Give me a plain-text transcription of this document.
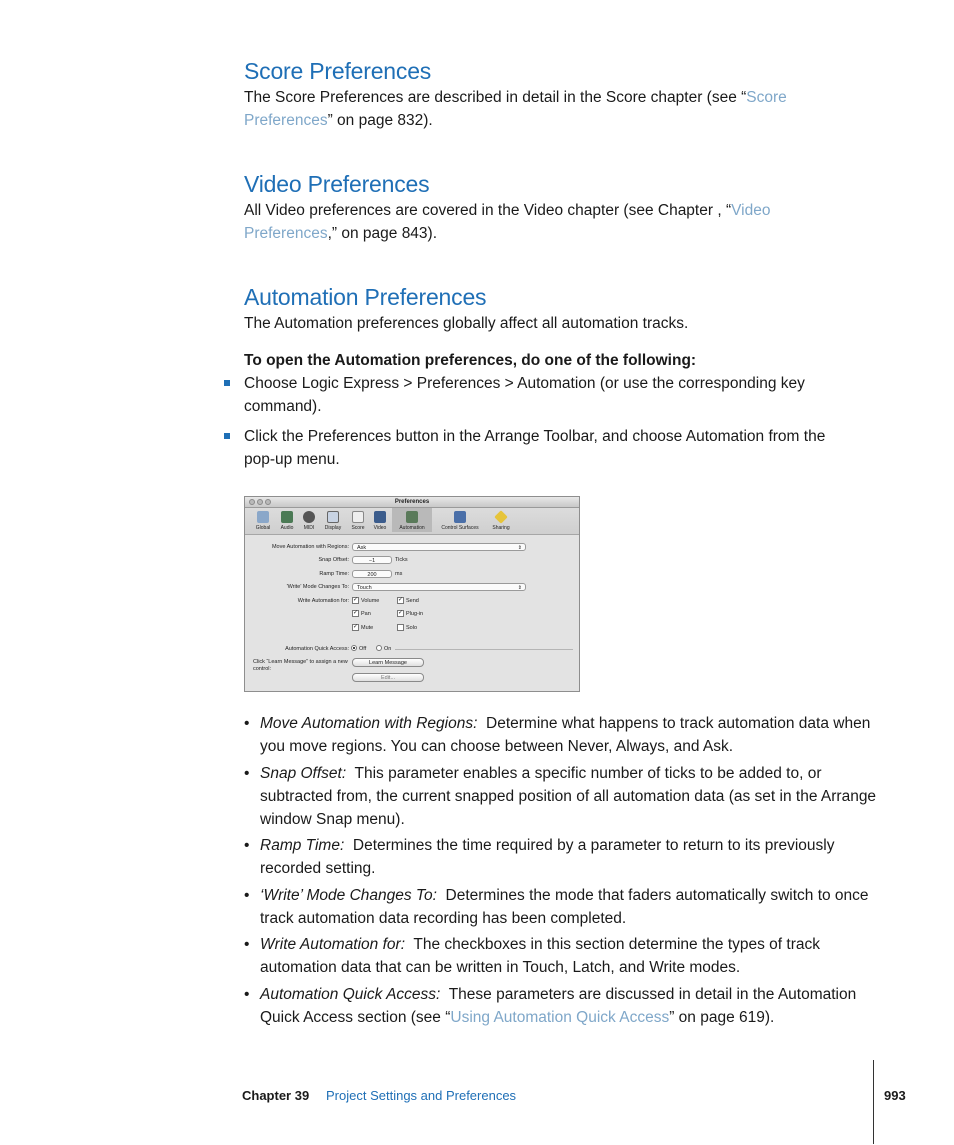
Score Preferences

The Score Preferences are described in detail in the Score chapter (see “Score Preferences” on page 832).

Video Preferences

All Video preferences are covered in the Video chapter (see Chapter , “Video Preferences,” on page 843).

Automation Preferences

The Automation preferences globally affect all automation tracks.

To open the Automation preferences, do one of the following:

Choose Logic Express > Preferences > Automation (or use the corresponding key command).

Click the Preferences button in the Arrange Toolbar, and choose Automation from the pop-up menu.

Preferences
Global	Audio	MIDI	Display	Score	Video	Automation	Control Surfaces	Sharing
Move Automation with Regions:	Ask	⇕
Snap Offset:	−1	Ticks
Ramp Time:	200	ms
'Write' Mode Changes To:	Touch	⇕
Write Automation for: ✓ Volume	✓ Send
✓ Pan	✓ Plug-in
✓ Mute	Solo
Automation Quick Access: Off	On
Click “Learn Message” to assign a new control:
Learn Message
Edit...
• Move Automation with Regions: Determine what happens to track automation data when you move regions. You can choose between Never, Always, and Ask.
• Snap Offset: This parameter enables a specific number of ticks to be added to, or subtracted from, the current snapped position of all automation data (as set in the Arrange window Snap menu).
• Ramp Time: Determines the time required by a parameter to return to its previously recorded setting.
• ‘Write’ Mode Changes To: Determines the mode that faders automatically switch to once track automation data recording has been completed.
• Write Automation for: The checkboxes in this section determine the types of track automation data that can be written in Touch, Latch, and Write modes.
• Automation Quick Access: These parameters are discussed in detail in the Automation Quick Access section (see “Using Automation Quick Access” on page 619).
Chapter 39 Project Settings and Preferences	993
